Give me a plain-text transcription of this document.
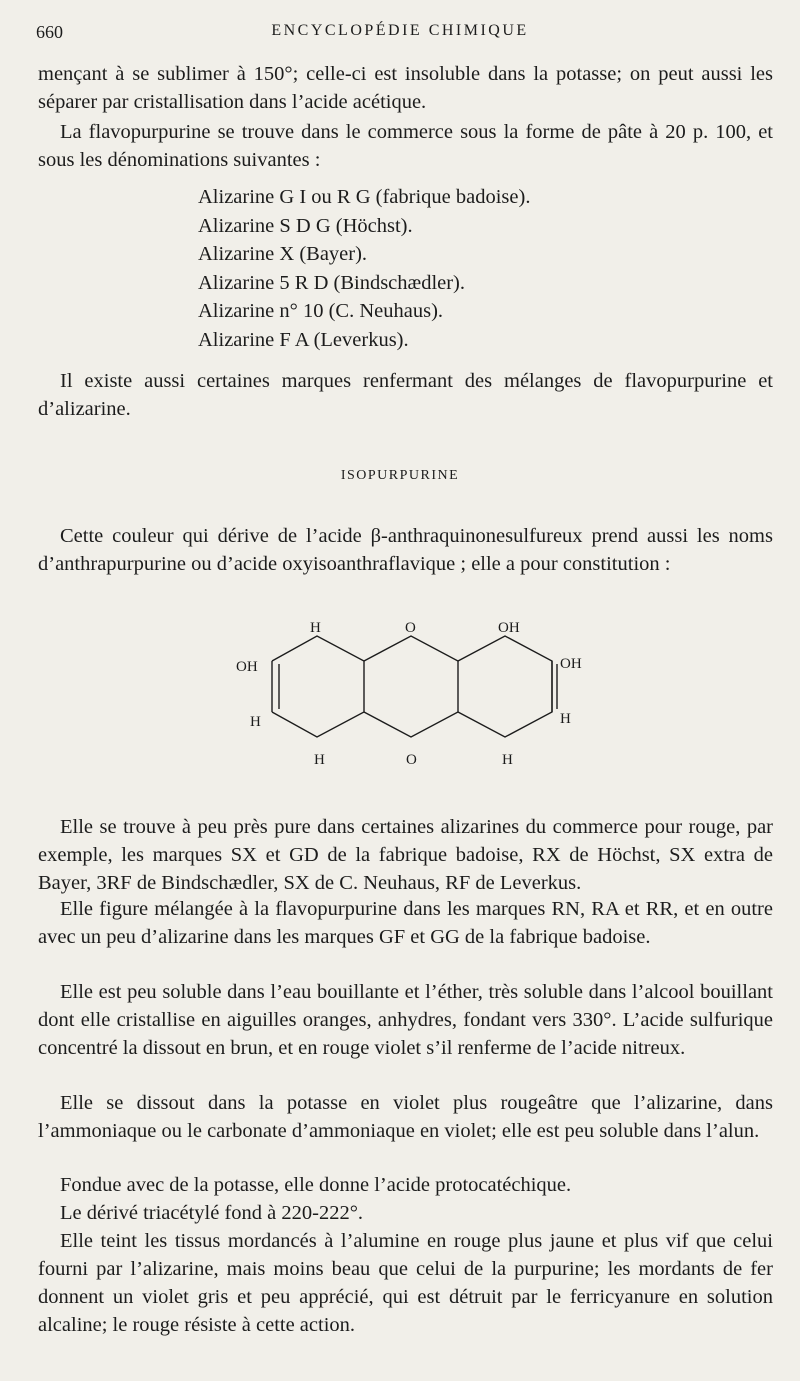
660	ENCYCLOPÉDIE CHIMIQUE

mençant à se sublimer à 150°; celle-ci est insoluble dans la potasse; on peut aussi les séparer par cristallisation dans l’acide acétique.

La flavopurpurine se trouve dans le commerce sous la forme de pâte à 20 p. 100, et sous les dénominations suivantes :

Alizarine G I ou R G (fabrique badoise).
Alizarine S D G (Höchst).
Alizarine X (Bayer).
Alizarine 5 R D (Bindschædler).
Alizarine n° 10 (C. Neuhaus).
Alizarine F A (Leverkus).

Il existe aussi certaines marques renfermant des mélanges de flavopurpurine et d’alizarine.

ISOPURPURINE

Cette couleur qui dérive de l’acide β-anthraquinonesulfureux prend aussi les noms d’anthrapurpurine ou d’acide oxyisoanthraflavique ; elle a pour constitution :

H	O	OH
OH	OH
H	H
H	O	H

Elle se trouve à peu près pure dans certaines alizarines du commerce pour rouge, par exemple, les marques SX et GD de la fabrique badoise, RX de Höchst, SX extra de Bayer, 3RF de Bindschædler, SX de C. Neuhaus, RF de Leverkus.

Elle figure mélangée à la flavopurpurine dans les marques RN, RA et RR, et en outre avec un peu d’alizarine dans les marques GF et GG de la fabrique badoise.

Elle est peu soluble dans l’eau bouillante et l’éther, très soluble dans l’alcool bouillant dont elle cristallise en aiguilles oranges, anhydres, fondant vers 330°. L’acide sulfurique concentré la dissout en brun, et en rouge violet s’il renferme de l’acide nitreux.

Elle se dissout dans la potasse en violet plus rougeâtre que l’alizarine, dans l’ammoniaque ou le carbonate d’ammoniaque en violet; elle est peu soluble dans l’alun.

Fondue avec de la potasse, elle donne l’acide protocatéchique.

Le dérivé triacétylé fond à 220-222°.

Elle teint les tissus mordancés à l’alumine en rouge plus jaune et plus vif que celui fourni par l’alizarine, mais moins beau que celui de la purpurine; les mordants de fer donnent un violet gris et peu apprécié, qui est détruit par le ferricyanure en solution alcaline; le rouge résiste à cette action.
